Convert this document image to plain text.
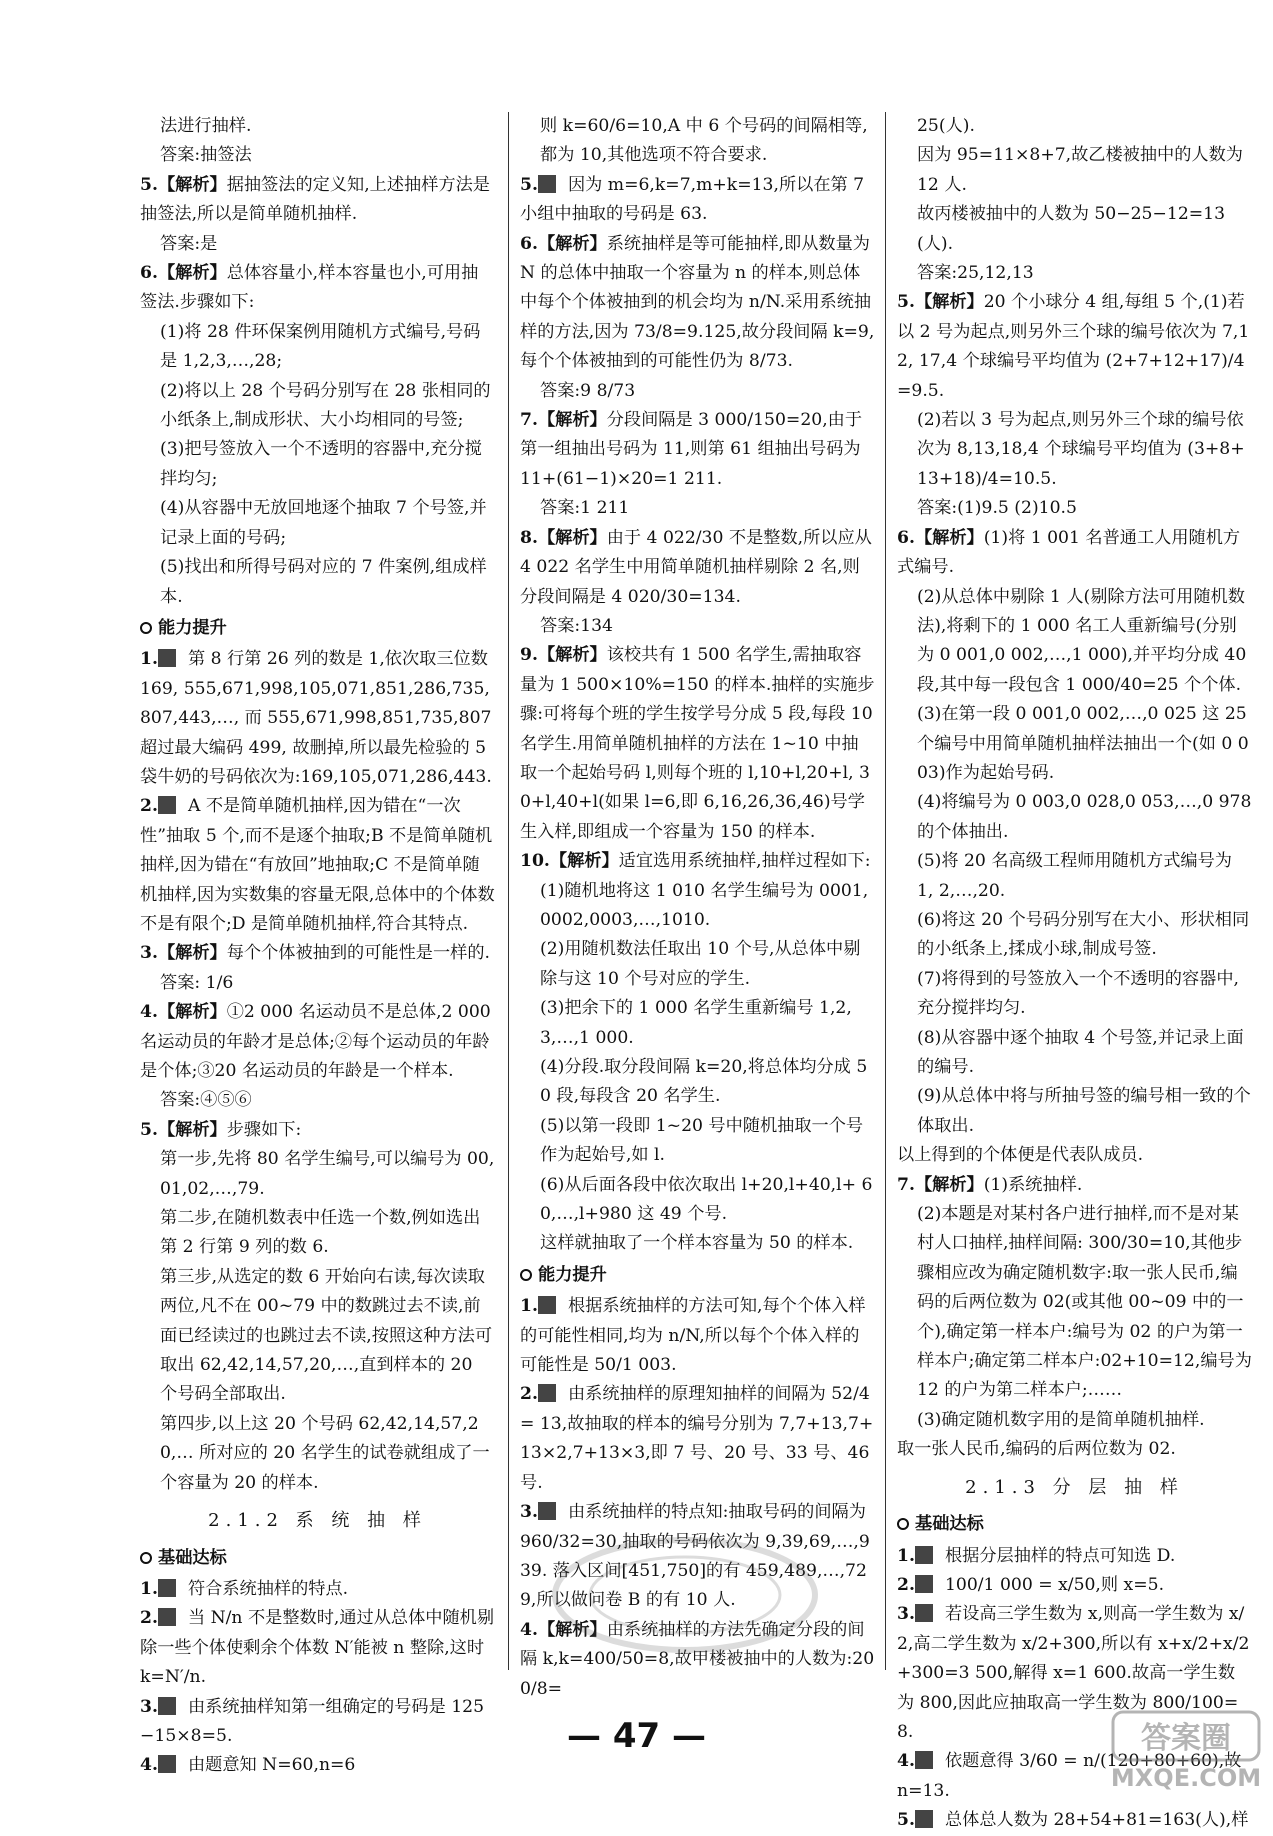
法进行抽样.

答案:抽签法

5.【解析】据抽签法的定义知,上述抽样方法是抽签法,所以是简单随机抽样.

答案:是

6.【解析】总体容量小,样本容量也小,可用抽签法.步骤如下:

(1)将 28 件环保案例用随机方式编号,号码是 1,2,3,…,28;

(2)将以上 28 个号码分别写在 28 张相同的小纸条上,制成形状、大小均相同的号签;

(3)把号签放入一个不透明的容器中,充分搅拌均匀;

(4)从容器中无放回地逐个抽取 7 个号签,并记录上面的号码;

(5)找出和所得号码对应的 7 件案例,组成样本.

能力提升

1. 第 8 行第 26 列的数是 1,依次取三位数 169, 555,671,998,105,071,851,286,735,807,443,…, 而 555,671,998,851,735,807 超过最大编码 499, 故删掉,所以最先检验的 5 袋牛奶的号码依次为:169,105,071,286,443.

2. A 不是简单随机抽样,因为错在“一次性”抽取 5 个,而不是逐个抽取;B 不是简单随机抽样,因为错在“有放回”地抽取;C 不是简单随机抽样,因为实数集的容量无限,总体中的个体数不是有限个;D 是简单随机抽样,符合其特点.

3.【解析】每个个体被抽到的可能性是一样的.

答案: 1/6

4.【解析】①2 000 名运动员不是总体,2 000 名运动员的年龄才是总体;②每个运动员的年龄是个体;③20 名运动员的年龄是一个样本.

答案:④⑤⑥

5.【解析】步骤如下:

第一步,先将 80 名学生编号,可以编号为 00, 01,02,…,79.

第二步,在随机数表中任选一个数,例如选出第 2 行第 9 列的数 6.

第三步,从选定的数 6 开始向右读,每次读取两位,凡不在 00~79 中的数跳过去不读,前面已经读过的也跳过去不读,按照这种方法可取出 62,42,14,57,20,…,直到样本的 20 个号码全部取出.

第四步,以上这 20 个号码 62,42,14,57,20,… 所对应的 20 名学生的试卷就组成了一个容量为 20 的样本.

2.1.2 系 统 抽 样

基础达标

1. 符合系统抽样的特点.

2. 当 N/n 不是整数时,通过从总体中随机剔除一些个体使剩余个体数 N′能被 n 整除,这时 k=N′/n.

3. 由系统抽样知第一组确定的号码是 125−15×8=5.

4. 由题意知 N=60,n=6

则 k=60/6=10,A 中 6 个号码的间隔相等,都为 10,其他选项不符合要求.

5. 因为 m=6,k=7,m+k=13,所以在第 7 小组中抽取的号码是 63.

6.【解析】系统抽样是等可能抽样,即从数量为 N 的总体中抽取一个容量为 n 的样本,则总体中每个个体被抽到的机会均为 n/N.采用系统抽样的方法,因为 73/8=9.125,故分段间隔 k=9,每个个体被抽到的可能性仍为 8/73.

答案:9 8/73

7.【解析】分段间隔是 3 000/150=20,由于第一组抽出号码为 11,则第 61 组抽出号码为 11+(61−1)×20=1 211.

答案:1 211

8.【解析】由于 4 022/30 不是整数,所以应从 4 022 名学生中用简单随机抽样剔除 2 名,则分段间隔是 4 020/30=134.

答案:134

9.【解析】该校共有 1 500 名学生,需抽取容量为 1 500×10%=150 的样本.抽样的实施步骤:可将每个班的学生按学号分成 5 段,每段 10 名学生.用简单随机抽样的方法在 1~10 中抽取一个起始号码 l,则每个班的 l,10+l,20+l, 30+l,40+l(如果 l=6,即 6,16,26,36,46)号学生入样,即组成一个容量为 150 的样本.

10.【解析】适宜选用系统抽样,抽样过程如下:

(1)随机地将这 1 010 名学生编号为 0001, 0002,0003,…,1010.

(2)用随机数法任取出 10 个号,从总体中剔除与这 10 个号对应的学生.

(3)把余下的 1 000 名学生重新编号 1,2, 3,…,1 000.

(4)分段.取分段间隔 k=20,将总体均分成 50 段,每段含 20 名学生.

(5)以第一段即 1~20 号中随机抽取一个号作为起始号,如 l.

(6)从后面各段中依次取出 l+20,l+40,l+ 60,…,l+980 这 49 个号.

这样就抽取了一个样本容量为 50 的样本.

能力提升

1. 根据系统抽样的方法可知,每个个体入样的可能性相同,均为 n/N,所以每个个体入样的可能性是 50/1 003.

2. 由系统抽样的原理知抽样的间隔为 52/4= 13,故抽取的样本的编号分别为 7,7+13,7+13×2,7+13×3,即 7 号、20 号、33 号、46 号.

3. 由系统抽样的特点知:抽取号码的间隔为 960/32=30,抽取的号码依次为 9,39,69,…,939. 落入区间[451,750]的有 459,489,…,729,所以做问卷 B 的有 10 人.

4.【解析】由系统抽样的方法先确定分段的间隔 k,k=400/50=8,故甲楼被抽中的人数为:200/8=

25(人).

因为 95=11×8+7,故乙楼被抽中的人数为 12 人.

故丙楼被抽中的人数为 50−25−12=13(人).

答案:25,12,13

5.【解析】20 个小球分 4 组,每组 5 个,(1)若以 2 号为起点,则另外三个球的编号依次为 7,12, 17,4 个球编号平均值为 (2+7+12+17)/4=9.5.

(2)若以 3 号为起点,则另外三个球的编号依次为 8,13,18,4 个球编号平均值为 (3+8+13+18)/4=10.5.

答案:(1)9.5 (2)10.5

6.【解析】(1)将 1 001 名普通工人用随机方式编号.

(2)从总体中剔除 1 人(剔除方法可用随机数法),将剩下的 1 000 名工人重新编号(分别为 0 001,0 002,…,1 000),并平均分成 40 段,其中每一段包含 1 000/40=25 个个体.

(3)在第一段 0 001,0 002,…,0 025 这 25 个编号中用简单随机抽样法抽出一个(如 0 003)作为起始号码.

(4)将编号为 0 003,0 028,0 053,…,0 978 的个体抽出.

(5)将 20 名高级工程师用随机方式编号为 1, 2,…,20.

(6)将这 20 个号码分别写在大小、形状相同的小纸条上,揉成小球,制成号签.

(7)将得到的号签放入一个不透明的容器中,充分搅拌均匀.

(8)从容器中逐个抽取 4 个号签,并记录上面的编号.

(9)从总体中将与所抽号签的编号相一致的个体取出.

以上得到的个体便是代表队成员.

7.【解析】(1)系统抽样.

(2)本题是对某村各户进行抽样,而不是对某村人口抽样,抽样间隔: 300/30=10,其他步骤相应改为确定随机数字:取一张人民币,编码的后两位数为 02(或其他 00~09 中的一个),确定第一样本户:编号为 02 的户为第一样本户;确定第二样本户:02+10=12,编号为 12 的户为第二样本户;……

(3)确定随机数字用的是简单随机抽样.

取一张人民币,编码的后两位数为 02.

2.1.3 分 层 抽 样

基础达标

1. 根据分层抽样的特点可知选 D.

2. 100/1 000 = x/50,则 x=5.

3. 若设高三学生数为 x,则高一学生数为 x/2,高二学生数为 x/2+300,所以有 x+x/2+x/2+300=3 500,解得 x=1 600.故高一学生数为 800,因此应抽取高一学生数为 800/100=8.

4. 依题意得 3/60 = n/(120+80+60),故 n=13.

5. 总体总人数为 28+54+81=163(人),样

— 47 —	答案圈
MXQE.COM
